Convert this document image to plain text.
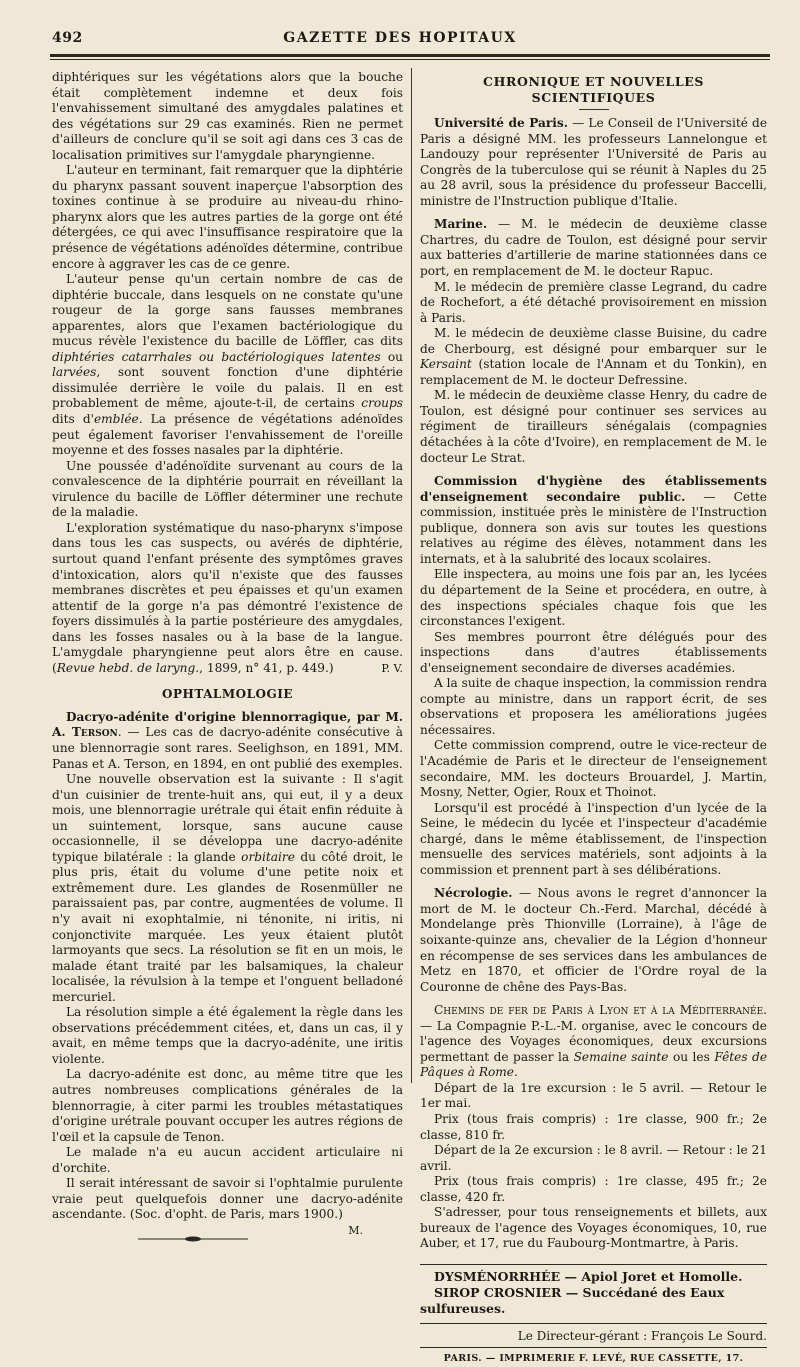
492	GAZETTE DES HOPITAUX

diphtériques sur les végétations alors que la bouche était complètement indemne et deux fois l'envahissement simultané des amygdales palatines et des végétations sur 29 cas examinés. Rien ne permet d'ailleurs de conclure qu'il se soit agi dans ces 3 cas de localisation primitives sur l'amygdale pharyngienne.

L'auteur en terminant, fait remarquer que la diphtérie du pharynx passant souvent inaperçue l'absorption des toxines continue à se produire au niveau-du rhino-pharynx alors que les autres parties de la gorge ont été détergées, ce qui avec l'insuffisance respiratoire que la présence de végétations adénoïdes détermine, contribue encore à aggraver les cas de ce genre.

L'auteur pense qu'un certain nombre de cas de diphtérie buccale, dans lesquels on ne constate qu'une rougeur de la gorge sans fausses membranes apparentes, alors que l'examen bactériologique du mucus révèle l'existence du bacille de Löffler, cas dits diphtéries catarrhales ou bactériologiques latentes ou larvées, sont souvent fonction d'une diphtérie dissimulée derrière le voile du palais. Il en est probablement de même, ajoute-t-il, de certains croups dits d'emblée. La présence de végétations adénoïdes peut également favoriser l'envahissement de l'oreille moyenne et des fosses nasales par la diphtérie.

Une poussée d'adénoïdite survenant au cours de la convalescence de la diphtérie pourrait en réveillant la virulence du bacille de Löffler déterminer une rechute de la maladie.

L'exploration systématique du naso-pharynx s'impose dans tous les cas suspects, ou avérés de diphtérie, surtout quand l'enfant présente des symptômes graves d'intoxication, alors qu'il n'existe que des fausses membranes discrètes et peu épaisses et qu'un examen attentif de la gorge n'a pas démontré l'existence de foyers dissimulés à la partie postérieure des amygdales, dans les fosses nasales ou à la base de la langue. L'amygdale pharyngienne peut alors être en cause. (Revue hebd. de laryng., 1899, n° 41, p. 449.)	P. V.

OPHTALMOLOGIE

Dacryo-adénite d'origine blennorragique, par M. A. Terson. — Les cas de dacryo-adénite consécutive à une blennorragie sont rares. Seelighson, en 1891, MM. Panas et A. Terson, en 1894, en ont publié des exemples.

Une nouvelle observation est la suivante : Il s'agit d'un cuisinier de trente-huit ans, qui eut, il y a deux mois, une blennorragie urétrale qui était enfin réduite à un suintement, lorsque, sans aucune cause occasionnelle, il se développa une dacryo-adénite typique bilatérale : la glande orbitaire du côté droit, le plus pris, était du volume d'une petite noix et extrêmement dure. Les glandes de Rosenmüller ne paraissaient pas, par contre, augmentées de volume. Il n'y avait ni exophtalmie, ni ténonite, ni iritis, ni conjonctivite marquée. Les yeux étaient plutôt larmoyants que secs. La résolution se fit en un mois, le malade étant traité par les balsamiques, la chaleur localisée, la révulsion à la tempe et l'onguent belladoné mercuriel.

La résolution simple a été également la règle dans les observations précédemment citées, et, dans un cas, il y avait, en même temps que la dacryo-adénite, une iritis violente.

La dacryo-adénite est donc, au même titre que les autres nombreuses complications générales de la blennorragie, à citer parmi les troubles métastatiques d'origine urétrale pouvant occuper les autres régions de l'œil et la capsule de Tenon.

Le malade n'a eu aucun accident articulaire ni d'orchite.

Il serait intéressant de savoir si l'ophtalmie purulente vraie peut quelquefois donner une dacryo-adénite ascendante. (Soc. d'opht. de Paris, mars 1900.)
M.

CHRONIQUE ET NOUVELLES SCIENTIFIQUES

Université de Paris. — Le Conseil de l'Université de Paris a désigné MM. les professeurs Lannelongue et Landouzy pour représenter l'Université de Paris au Congrès de la tuberculose qui se réunit à Naples du 25 au 28 avril, sous la présidence du professeur Baccelli, ministre de l'Instruction publique d'Italie.

Marine. — M. le médecin de deuxième classe Chartres, du cadre de Toulon, est désigné pour servir aux batteries d'artillerie de marine stationnées dans ce port, en remplacement de M. le docteur Rapuc.

M. le médecin de première classe Legrand, du cadre de Rochefort, a été détaché provisoirement en mission à Paris.

M. le médecin de deuxième classe Buisine, du cadre de Cherbourg, est désigné pour embarquer sur le Kersaint (station locale de l'Annam et du Tonkin), en remplacement de M. le docteur Defressine.

M. le médecin de deuxième classe Henry, du cadre de Toulon, est désigné pour continuer ses services au régiment de tirailleurs sénégalais (compagnies détachées à la côte d'Ivoire), en remplacement de M. le docteur Le Strat.

Commission d'hygiène des établissements d'enseignement secondaire public. — Cette commission, instituée près le ministère de l'Instruction publique, donnera son avis sur toutes les questions relatives au régime des élèves, notamment dans les internats, et à la salubrité des locaux scolaires.

Elle inspectera, au moins une fois par an, les lycées du département de la Seine et procédera, en outre, à des inspections spéciales chaque fois que les circonstances l'exigent.

Ses membres pourront être délégués pour des inspections dans d'autres établissements d'enseignement secondaire de diverses académies.

A la suite de chaque inspection, la commission rendra compte au ministre, dans un rapport écrit, de ses observations et proposera les améliorations jugées nécessaires.

Cette commission comprend, outre le vice-recteur de l'Académie de Paris et le directeur de l'enseignement secondaire, MM. les docteurs Brouardel, J. Martin, Mosny, Netter, Ogier, Roux et Thoinot.

Lorsqu'il est procédé à l'inspection d'un lycée de la Seine, le médecin du lycée et l'inspecteur d'académie chargé, dans le même établissement, de l'inspection mensuelle des services matériels, sont adjoints à la commission et prennent part à ses délibérations.

Nécrologie. — Nous avons le regret d'annoncer la mort de M. le docteur Ch.-Ferd. Marchal, décédé à Mondelange près Thionville (Lorraine), à l'âge de soixante-quinze ans, chevalier de la Légion d'honneur en récompense de ses services dans les ambulances de Metz en 1870, et officier de l'Ordre royal de la Couronne de chêne des Pays-Bas.

Chemins de fer de Paris à Lyon et à la Méditerranée. — La Compagnie P.-L.-M. organise, avec le concours de l'agence des Voyages économiques, deux excursions permettant de passer la Semaine sainte ou les Fêtes de Pâques à Rome.

Départ de la 1re excursion : le 5 avril. — Retour le 1er mai.

Prix (tous frais compris) : 1re classe, 900 fr.; 2e classe, 810 fr.

Départ de la 2e excursion : le 8 avril. — Retour : le 21 avril.

Prix (tous frais compris) : 1re classe, 495 fr.; 2e classe, 420 fr.

S'adresser, pour tous renseignements et billets, aux bureaux de l'agence des Voyages économiques, 10, rue Auber, et 17, rue du Faubourg-Montmartre, à Paris.

DYSMÉNORRHÉE — Apiol Joret et Homolle.

SIROP CROSNIER — Succédané des Eaux sulfureuses.

Le Directeur-gérant : François Le Sourd.
PARIS. — IMPRIMERIE F. LEVÉ, RUE CASSETTE, 17.
